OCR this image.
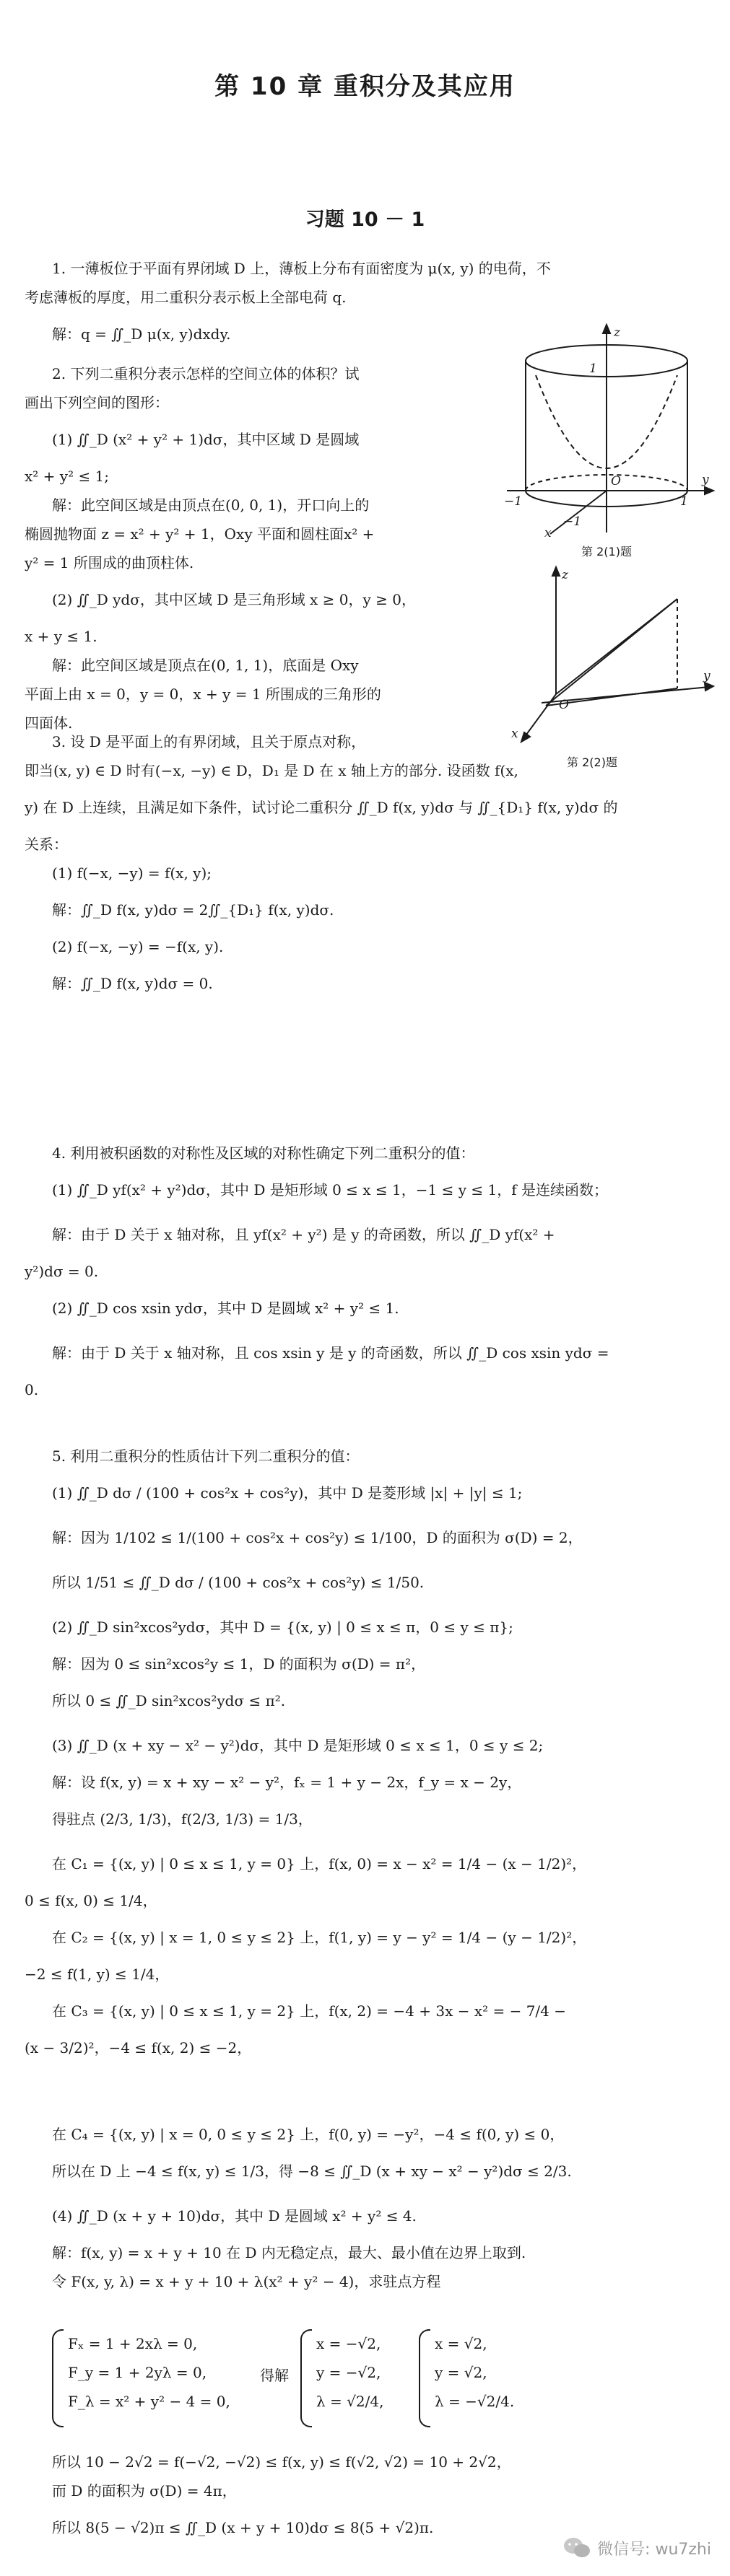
第 10 章 重积分及其应用
习题 10 － 1
1. 一薄板位于平面有界闭域 D 上，薄板上分布有面密度为 μ(x, y) 的电荷，不
考虑薄板的厚度，用二重积分表示板上全部电荷 q.
解：q = ∬_D μ(x, y)dxdy.
2. 下列二重积分表示怎样的空间立体的体积？试
画出下列空间的图形：
(1) ∬_D (x² + y² + 1)dσ，其中区域 D 是圆域
x² + y² ≤ 1;
解：此空间区域是由顶点在(0, 0, 1)，开口向上的
椭圆抛物面 z = x² + y² + 1，Oxy 平面和圆柱面x² +
y² = 1 所围成的曲顶柱体.
(2) ∬_D ydσ，其中区域 D 是三角形域 x ≥ 0，y ≥ 0，
x + y ≤ 1.
解：此空间区域是顶点在(0, 1, 1)，底面是 Oxy
平面上由 x = 0，y = 0，x + y = 1 所围成的三角形的
四面体.
z
O	y
x
1
−1	1
−1
第 2(1)题
z
O
y
x
第 2(2)题
3. 设 D 是平面上的有界闭域，且关于原点对称，
即当(x, y) ∈ D 时有(−x, −y) ∈ D，D₁ 是 D 在 x 轴上方的部分. 设函数 f(x,
y) 在 D 上连续，且满足如下条件，试讨论二重积分 ∬_D f(x, y)dσ 与 ∬_{D₁} f(x, y)dσ 的
关系：
(1) f(−x, −y) = f(x, y);
解：∬_D f(x, y)dσ = 2∬_{D₁} f(x, y)dσ.
(2) f(−x, −y) = −f(x, y).
解：∬_D f(x, y)dσ = 0.
4. 利用被积函数的对称性及区域的对称性确定下列二重积分的值：
(1) ∬_D yf(x² + y²)dσ，其中 D 是矩形域 0 ≤ x ≤ 1，−1 ≤ y ≤ 1，f 是连续函数；
解：由于 D 关于 x 轴对称，且 yf(x² + y²) 是 y 的奇函数，所以 ∬_D yf(x² +
y²)dσ = 0.
(2) ∬_D cos xsin ydσ，其中 D 是圆域 x² + y² ≤ 1.
解：由于 D 关于 x 轴对称，且 cos xsin y 是 y 的奇函数，所以 ∬_D cos xsin ydσ =
0.
5. 利用二重积分的性质估计下列二重积分的值：
(1) ∬_D dσ / (100 + cos²x + cos²y)，其中 D 是菱形域 |x| + |y| ≤ 1;
解：因为 1/102 ≤ 1/(100 + cos²x + cos²y) ≤ 1/100，D 的面积为 σ(D) = 2，
所以 1/51 ≤ ∬_D dσ / (100 + cos²x + cos²y) ≤ 1/50.
(2) ∬_D sin²xcos²ydσ，其中 D = {(x, y) | 0 ≤ x ≤ π，0 ≤ y ≤ π};
解：因为 0 ≤ sin²xcos²y ≤ 1，D 的面积为 σ(D) = π²，
所以 0 ≤ ∬_D sin²xcos²ydσ ≤ π².
(3) ∬_D (x + xy − x² − y²)dσ，其中 D 是矩形域 0 ≤ x ≤ 1，0 ≤ y ≤ 2;
解：设 f(x, y) = x + xy − x² − y²，fₓ = 1 + y − 2x，f_y = x − 2y，
得驻点 (2/3, 1/3)，f(2/3, 1/3) = 1/3，
在 C₁ = {(x, y) | 0 ≤ x ≤ 1, y = 0} 上，f(x, 0) = x − x² = 1/4 − (x − 1/2)²，
0 ≤ f(x, 0) ≤ 1/4，
在 C₂ = {(x, y) | x = 1, 0 ≤ y ≤ 2} 上，f(1, y) = y − y² = 1/4 − (y − 1/2)²，
−2 ≤ f(1, y) ≤ 1/4，
在 C₃ = {(x, y) | 0 ≤ x ≤ 1, y = 2} 上，f(x, 2) = −4 + 3x − x² = − 7/4 −
(x − 3/2)²，−4 ≤ f(x, 2) ≤ −2，
在 C₄ = {(x, y) | x = 0, 0 ≤ y ≤ 2} 上，f(0, y) = −y²，−4 ≤ f(0, y) ≤ 0，
所以在 D 上 −4 ≤ f(x, y) ≤ 1/3，得 −8 ≤ ∬_D (x + xy − x² − y²)dσ ≤ 2/3.
(4) ∬_D (x + y + 10)dσ，其中 D 是圆域 x² + y² ≤ 4.
解：f(x, y) = x + y + 10 在 D 内无稳定点，最大、最小值在边界上取到.
令 F(x, y, λ) = x + y + 10 + λ(x² + y² − 4)，求驻点方程
Fₓ = 1 + 2xλ = 0,
F_y = 1 + 2yλ = 0,
F_λ = x² + y² − 4 = 0,
得解
x = −√2,
y = −√2,
λ = √2/4,
x = √2,
y = √2,
λ = −√2/4.
所以 10 − 2√2 = f(−√2, −√2) ≤ f(x, y) ≤ f(√2, √2) = 10 + 2√2，
而 D 的面积为 σ(D) = 4π，
所以 8(5 − √2)π ≤ ∬_D (x + y + 10)dσ ≤ 8(5 + √2)π.
微信号: wu7zhi
